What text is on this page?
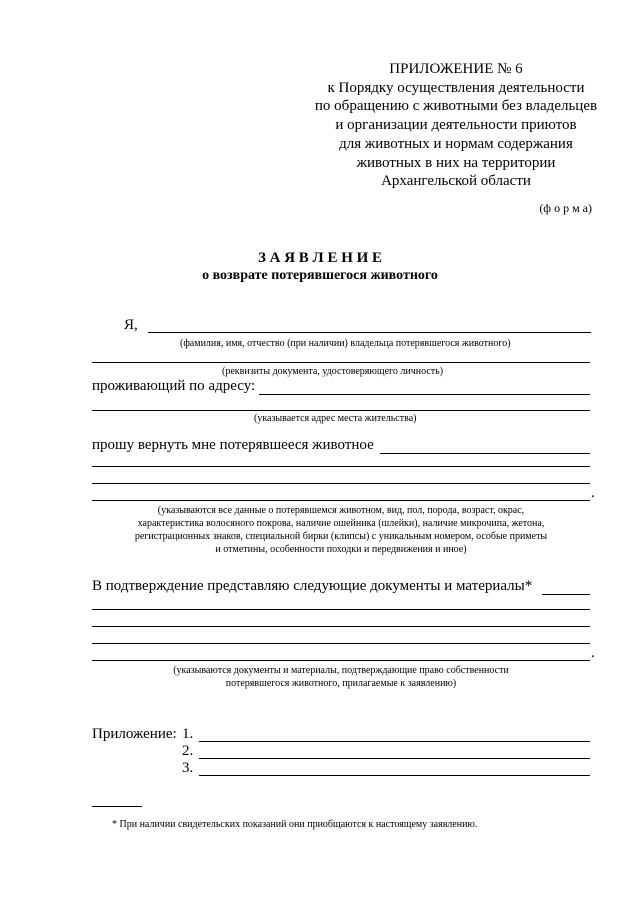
ПРИЛОЖЕНИЕ № 6
к Порядку осуществления деятельности
по обращению с животными без владельцев
и организации деятельности приютов
для животных и нормам содержания
животных в них на территории
Архангельской области
(ф о р м а)
З А Я В Л Е Н И Е
о возврате потерявшегося животного
Я,
(фамилия, имя, отчество (при наличии) владельца потерявшегося животного)
(реквизиты документа, удостоверяющего личность)
проживающий по адресу:
(указывается адрес места жительства)
прошу вернуть мне потерявшееся животное
.
(указываются все данные о потерявшемся животном, вид, пол, порода, возраст, окрас,
характеристика волосяного покрова, наличие ошейника (шлейки), наличие микрочипа, жетона,
регистрационных знаков, специальной бирки (клипсы) с уникальным номером, особые приметы
и отметины, особенности походки и передвижения и иное)
В подтверждение представляю следующие документы и материалы*
.
(указываются документы и материалы, подтверждающие право собственности
потерявшегося животного, прилагаемые к заявлению)
Приложение: 1.
2.
3.
* При наличии свидетельских показаний они приобщаются к настоящему заявлению.
